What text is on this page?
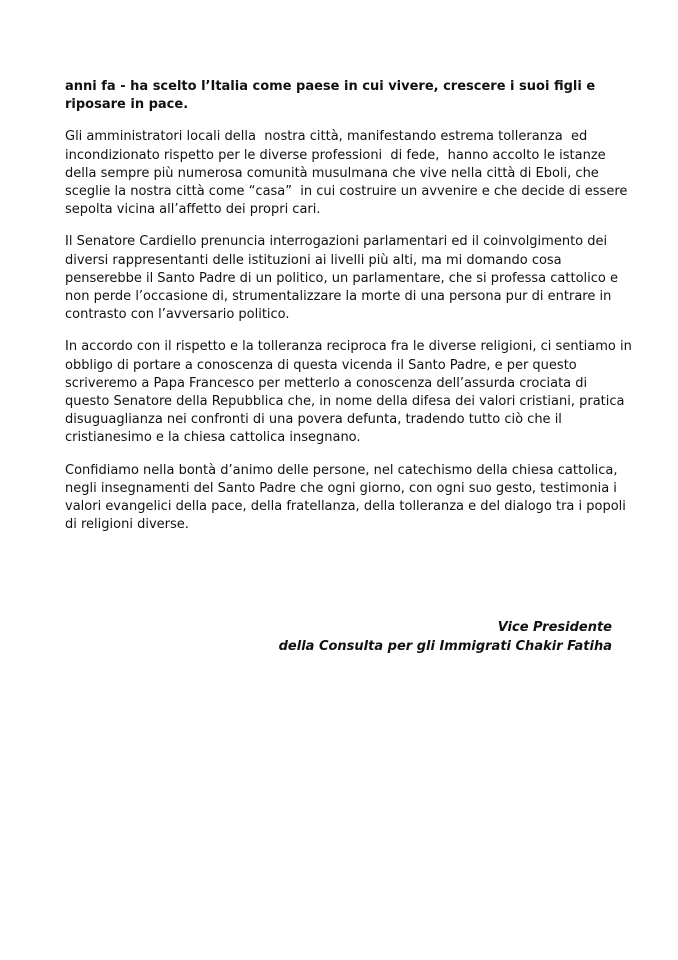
anni fa - ha scelto l’Italia come paese in cui vivere, crescere i suoi figli e
riposare in pace.

Gli amministratori locali della  nostra città, manifestando estrema tolleranza  ed
incondizionato rispetto per le diverse professioni  di fede,  hanno accolto le istanze
della sempre più numerosa comunità musulmana che vive nella città di Eboli, che
sceglie la nostra città come “casa”  in cui costruire un avvenire e che decide di essere
sepolta vicina all’affetto dei propri cari.

Il Senatore Cardiello prenuncia interrogazioni parlamentari ed il coinvolgimento dei
diversi rappresentanti delle istituzioni ai livelli più alti, ma mi domando cosa
penserebbe il Santo Padre di un politico, un parlamentare, che si professa cattolico e
non perde l’occasione di, strumentalizzare la morte di una persona pur di entrare in
contrasto con l’avversario politico.

In accordo con il rispetto e la tolleranza reciproca fra le diverse religioni, ci sentiamo in
obbligo di portare a conoscenza di questa vicenda il Santo Padre, e per questo
scriveremo a Papa Francesco per metterlo a conoscenza dell’assurda crociata di
questo Senatore della Repubblica che, in nome della difesa dei valori cristiani, pratica
disuguaglianza nei confronti di una povera defunta, tradendo tutto ciò che il
cristianesimo e la chiesa cattolica insegnano.

Confidiamo nella bontà d’animo delle persone, nel catechismo della chiesa cattolica,
negli insegnamenti del Santo Padre che ogni giorno, con ogni suo gesto, testimonia i
valori evangelici della pace, della fratellanza, della tolleranza e del dialogo tra i popoli
di religioni diverse.

Vice Presidente
della Consulta per gli Immigrati Chakir Fatiha
